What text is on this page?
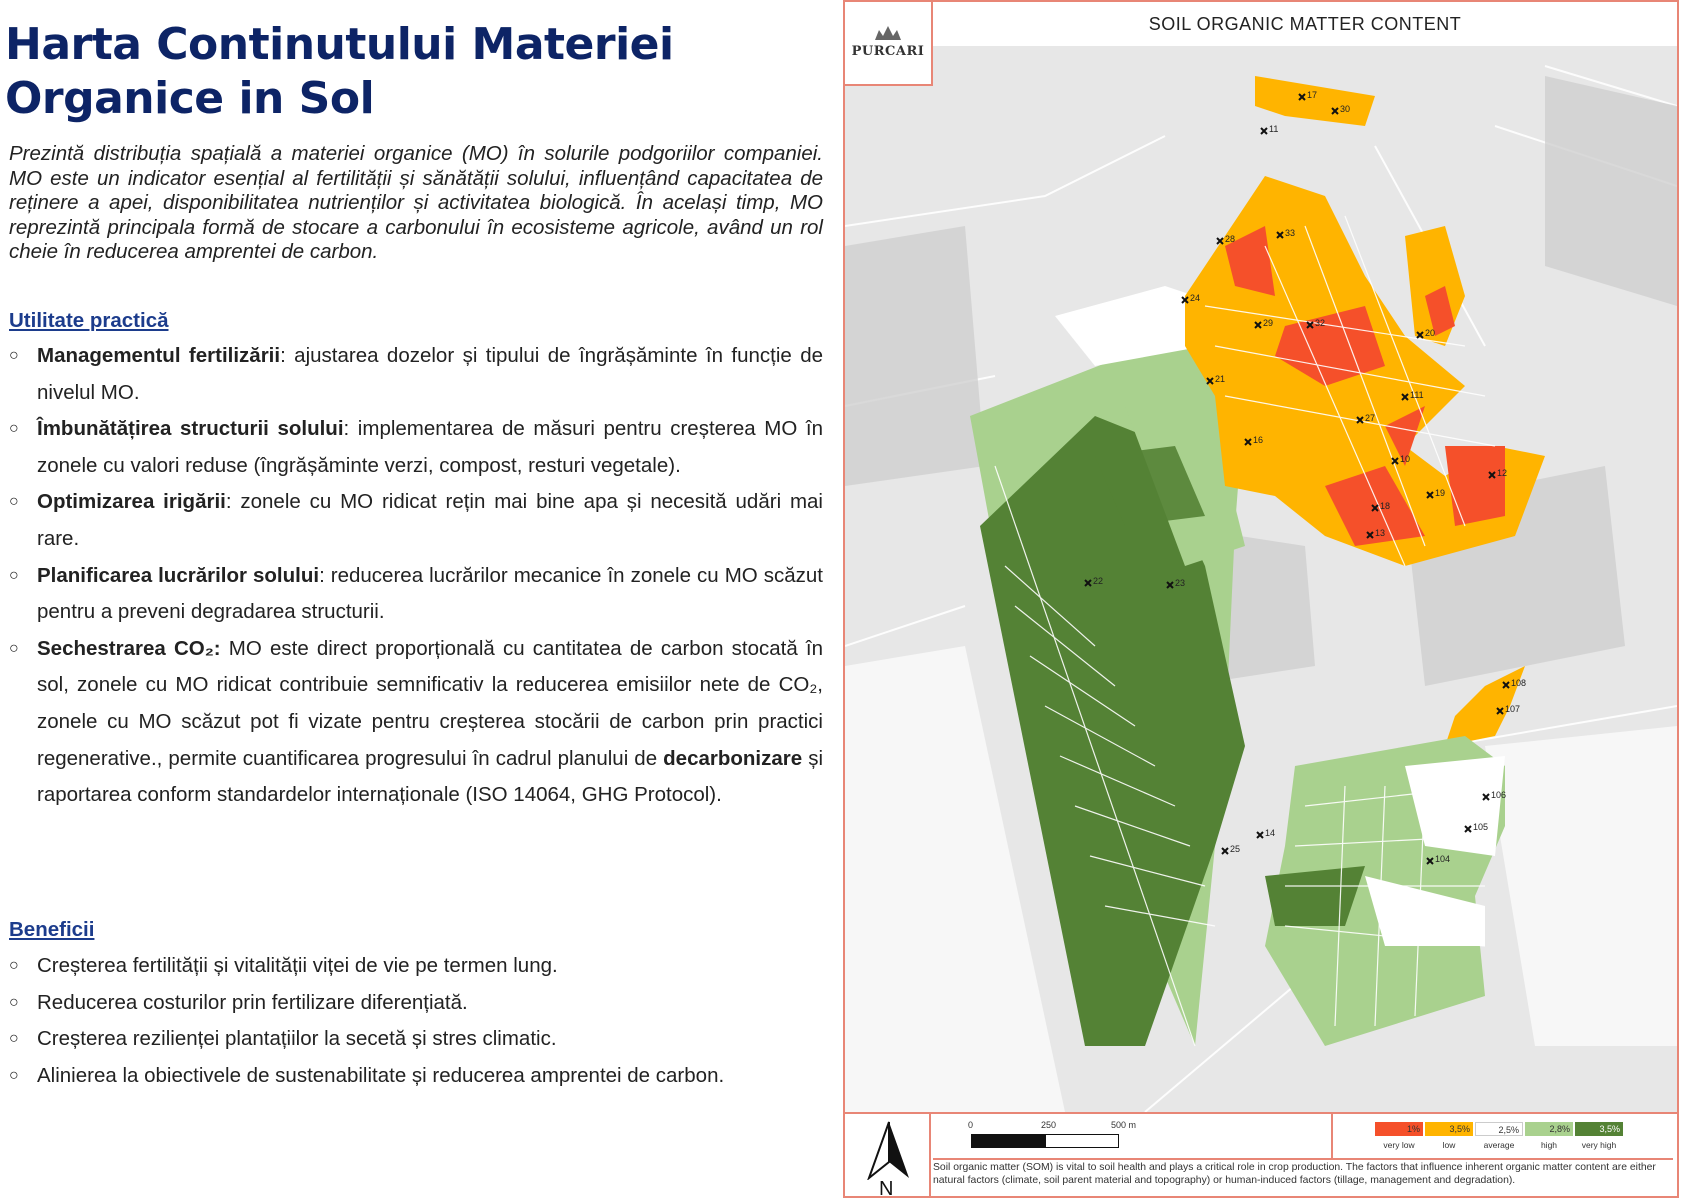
Harta Continutului Materiei Organice in Sol

Prezintă distribuția spațială a materiei organice (MO) în solurile podgoriilor companiei. MO este un indicator esențial al fertilității și sănătății solului, influențând capacitatea de reținere a apei, disponibilitatea nutrienților și activitatea biologică. În același timp, MO reprezintă principala formă de stocare a carbonului în ecosisteme agricole, având un rol cheie în reducerea amprentei de carbon.

Utilitate practică
○ Managementul fertilizării: ajustarea dozelor și tipului de îngrășăminte în funcție de nivelul MO.
○ Îmbunătățirea structurii solului: implementarea de măsuri pentru creșterea MO în zonele cu valori reduse (îngrășăminte verzi, compost, resturi vegetale).
○ Optimizarea irigării: zonele cu MO ridicat rețin mai bine apa și necesită udări mai rare.
○ Planificarea lucrărilor solului: reducerea lucrărilor mecanice în zonele cu MO scăzut pentru a preveni degradarea structurii.
○ Sechestrarea CO₂: MO este direct proporțională cu cantitatea de carbon stocată în sol, zonele cu MO ridicat contribuie semnificativ la reducerea emisiilor nete de CO₂, zonele cu MO scăzut pot fi vizate pentru creșterea stocării de carbon prin practici regenerative., permite cuantificarea progresului în cadrul planului de decarbonizare și raportarea conform standardelor internaționale (ISO 14064, GHG Protocol).
Beneficii
○ Creșterea fertilității și vitalității viței de vie pe termen lung.
○ Reducerea costurilor prin fertilizare diferențiată.
○ Creșterea rezilienței plantațiilor la secetă și stres climatic.
○ Alinierea la obiectivele de sustenabilitate și reducerea amprentei de carbon.
SOIL ORGANIC MATTER CONTENT
17
30
11
33
28
24
29
21
32
27
20
16
111
10
12
19
18
13
22	23
108
107
106
105
104
14
25
PURCARI
N
0	250	500 m	1%	3,5%	2,5%	2,8%	3,5%
very low	low	average	high	very high
Soil organic matter (SOM) is vital to soil health and plays a critical role in crop production. The factors that influence inherent organic matter content are either natural factors (climate, soil parent material and topography) or human-induced factors (tillage, management and degradation).
